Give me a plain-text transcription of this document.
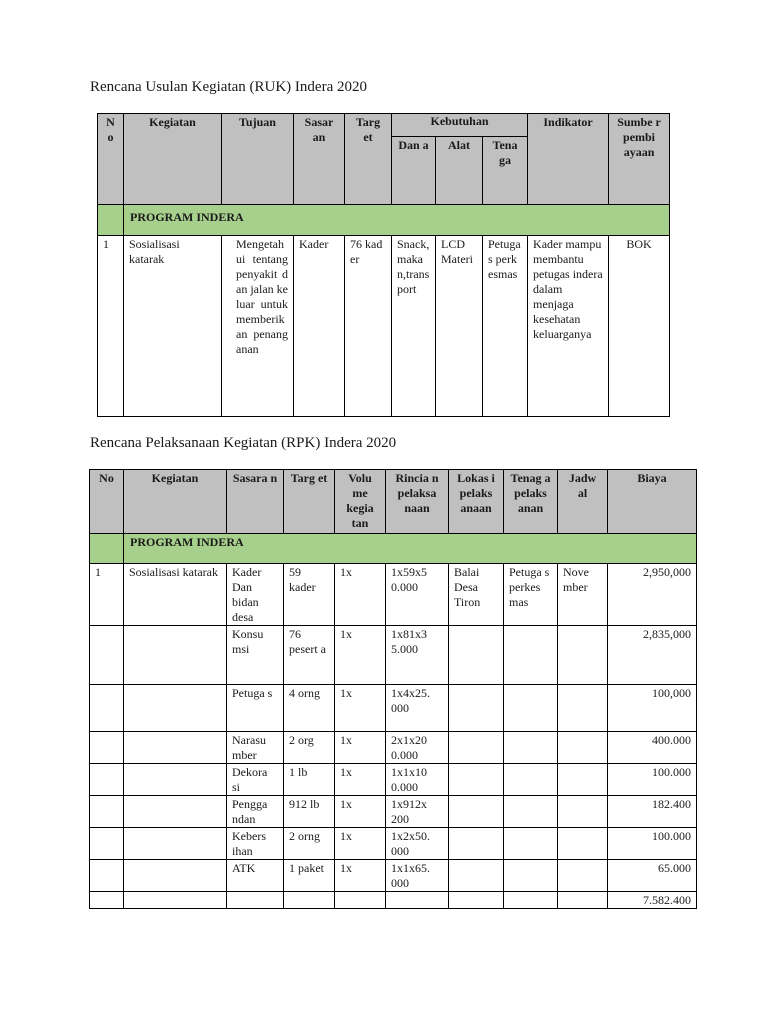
Rencana Usulan Kegiatan (RUK) Indera 2020
N o	Kegiatan	Tujuan	Sasar an	Targ et	Kebutuhan			Indikator	Sumbe r pembi ayaan
					Dan a	Alat	Tena ga		
	PROGRAM INDERA								
1	Sosialisasi katarak	Mengetahui tentang penyakit dan jalan keluar untuk memberikan penanganan	Kader	76 kader	Snack,makan,transport	LCD Materi	Petugas perkesmas	Kader mampu membantu petugas indera dalam menjaga kesehatan keluarganya	BOK
Rencana Pelaksanaan Kegiatan (RPK) Indera 2020
No	Kegiatan	Sasara n	Targ et	Volu me kegia tan	Rincia n pelaksa naan	Lokas i pelaks anaan	Tenag a pelaks anan	Jadw al	Biaya
	PROGRAM INDERA								
1	Sosialisasi katarak	Kader Dan bidan desa	59 kader	1x	1x59x5 0.000	Balai Desa Tiron	Petuga s perkes mas	Nove mber	2,950,000
		Konsu msi	76 pesert a	1x	1x81x3 5.000				2,835,000
		Petuga s	4 orng	1x	1x4x25. 000				100,000
		Narasu mber	2 org	1x	2x1x20 0.000				400.000
		Dekora si	1 lb	1x	1x1x10 0.000				100.000
		Pengga ndan	912 lb	1x	1x912x 200				182.400
		Kebers ihan	2 orng	1x	1x2x50. 000				100.000
		ATK	1 paket	1x	1x1x65. 000				65.000
									7.582.400
